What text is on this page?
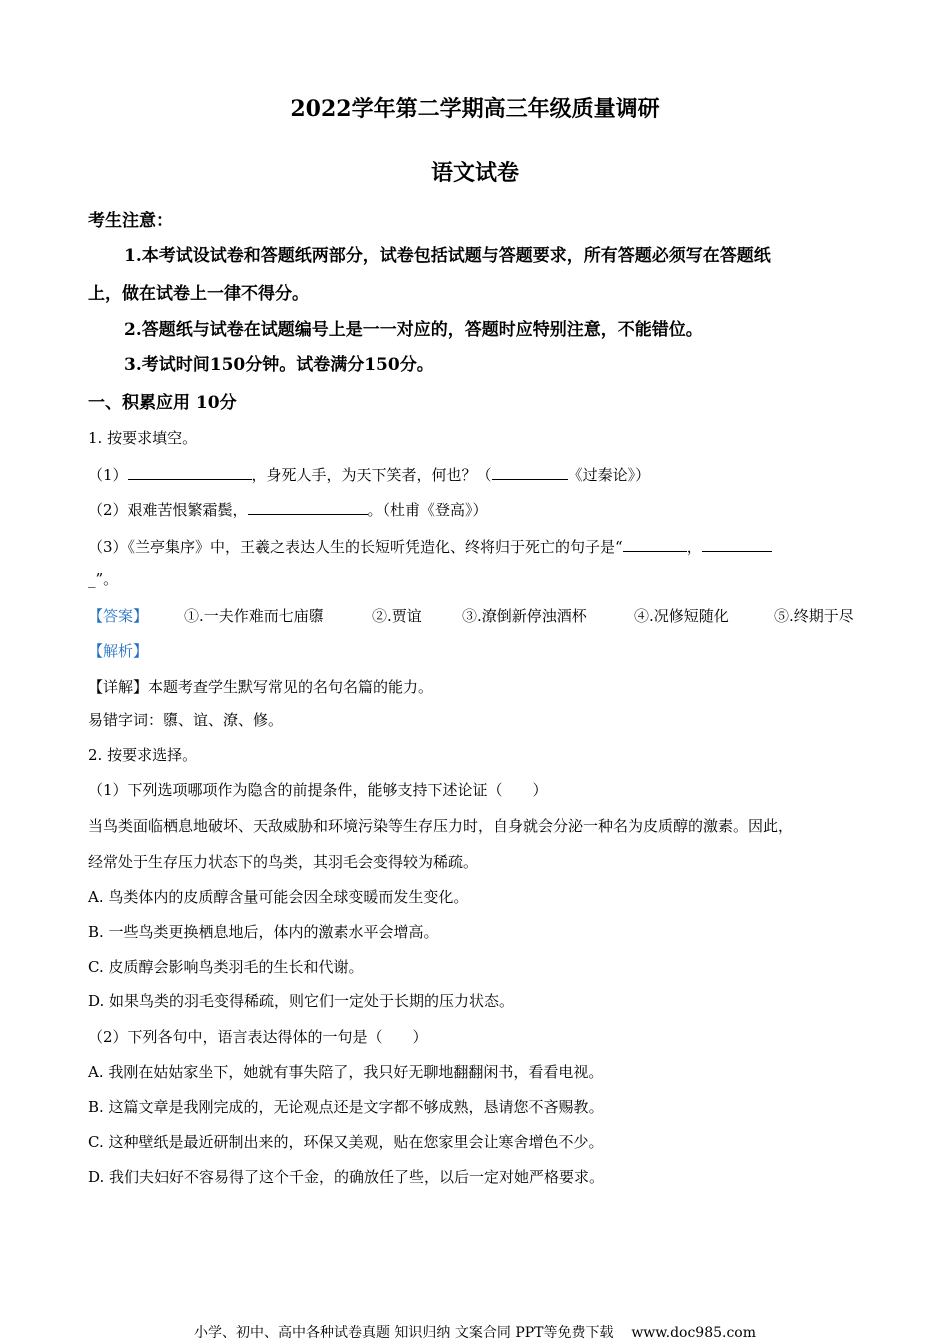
2022学年第二学期高三年级质量调研
语文试卷
考生注意：
1.本考试设试卷和答题纸两部分，试卷包括试题与答题要求，所有答题必须写在答题纸
上，做在试卷上一律不得分。
2.答题纸与试卷在试题编号上是一一对应的，答题时应特别注意，不能错位。
3.考试时间150分钟。试卷满分150分。
一、积累应用 10分
1. 按要求填空。
（1）	，身死人手，为天下笑者，何也？（	《过秦论》）
（2）艰难苦恨繁霜鬓，	。（杜甫《登高》）
（3）《兰亭集序》中，王羲之表达人生的长短听凭造化、终将归于死亡的句子是“	，
_”。
【答案】 ①.一夫作难而七庙隳	②.贾谊	③.潦倒新停浊酒杯	④.况修短随化	⑤.终期于尽
【解析】
【详解】本题考查学生默写常见的名句名篇的能力。
易错字词：隳、谊、潦、修。
2. 按要求选择。
（1）下列选项哪项作为隐含的前提条件，能够支持下述论证（　　）
当鸟类面临栖息地破坏、天敌威胁和环境污染等生存压力时，自身就会分泌一种名为皮质醇的激素。因此，
经常处于生存压力状态下的鸟类，其羽毛会变得较为稀疏。
A. 鸟类体内的皮质醇含量可能会因全球变暖而发生变化。
B. 一些鸟类更换栖息地后，体内的激素水平会增高。
C. 皮质醇会影响鸟类羽毛的生长和代谢。
D. 如果鸟类的羽毛变得稀疏，则它们一定处于长期的压力状态。
（2）下列各句中，语言表达得体的一句是（　　）
A. 我刚在姑姑家坐下，她就有事失陪了，我只好无聊地翻翻闲书，看看电视。
B. 这篇文章是我刚完成的，无论观点还是文字都不够成熟，恳请您不吝赐教。
C. 这种壁纸是最近研制出来的，环保又美观，贴在您家里会让寒舍增色不少。
D. 我们夫妇好不容易得了这个千金，的确放任了些，以后一定对她严格要求。
小学、初中、高中各种试卷真题 知识归纳 文案合同 PPT等免费下载 www.doc985.com
